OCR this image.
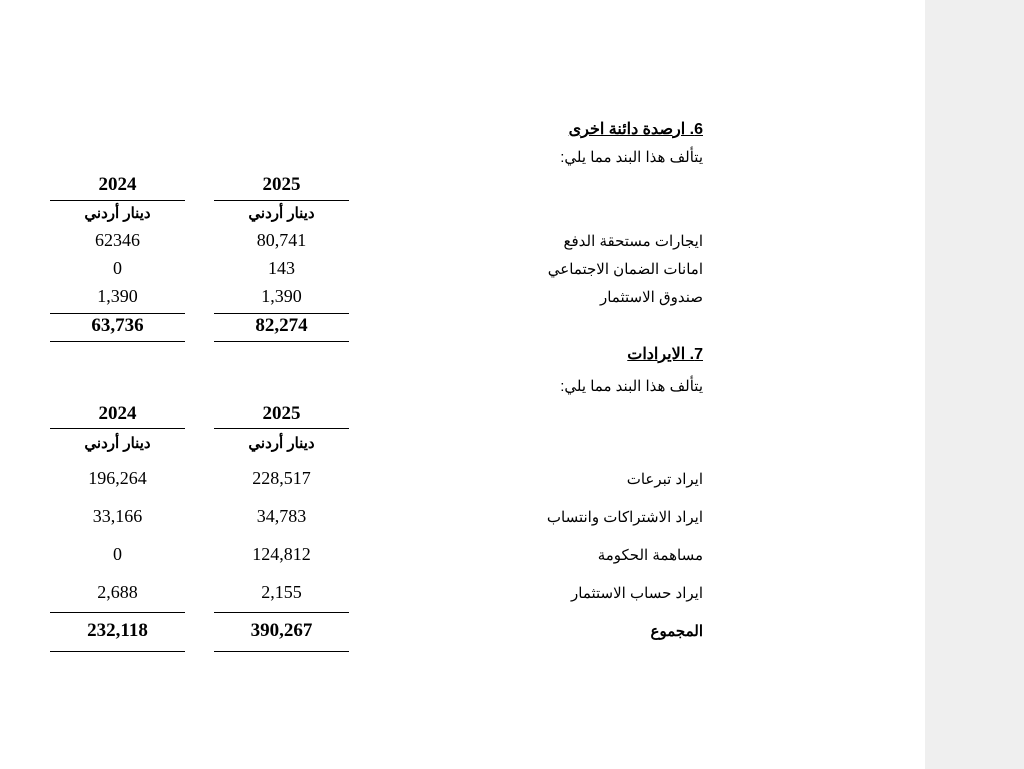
6. ارصدة دائنة اخرى
يتألف هذا البند مما يلي:
2025
2024
دينار أردني
دينار أردني
ايجارات مستحقة الدفع
80,741
62346
امانات الضمان الاجتماعي
143
0
صندوق الاستثمار
1,390
1,390
82,274
63,736
7. الايرادات
يتألف هذا البند مما يلي:
2025
2024
دينار أردني
دينار أردني
ايراد تبرعات
228,517
196,264
ايراد الاشتراكات وانتساب
34,783
33,166
مساهمة الحكومة
124,812
0
ايراد حساب الاستثمار
2,155
2,688
المجموع
390,267
232,118
